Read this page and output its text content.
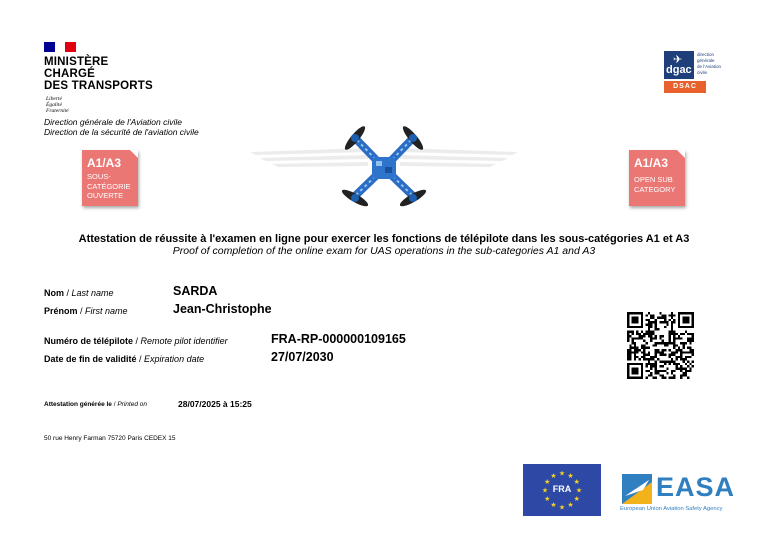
MINISTÈRE
CHARGÉ
DES TRANSPORTS
Liberté
Égalité
Fraternité
Direction générale de l'Aviation civile
Direction de la sécurité de l'aviation civile
✈
dgac
direction
générale
de l'Aviation
civile
DSAC
A1/A3
SOUS-
CATÉGORIE
OUVERTE
A1/A3
OPEN SUB
CATEGORY
Attestation de réussite à l'examen en ligne pour exercer les fonctions de télépilote dans les sous-catégories A1 et A3
Proof of completion of the online exam for UAS operations in the sub-categories A1 and A3
Nom / Last name	SARDA
Prénom / First name	Jean-Christophe
Numéro de télépilote / Remote pilot identifier	FRA-RP-000000109165
Date de fin de validité / Expiration date	27/07/2030
Attestation générée le / Printed on	28/07/2025 à 15:25
50 rue Henry Farman 75720 Paris CEDEX 15
★
★
★
★
★
★
★
★
★ ★ ★
★
FRA	EASA
European Union Aviation Safety Agency
